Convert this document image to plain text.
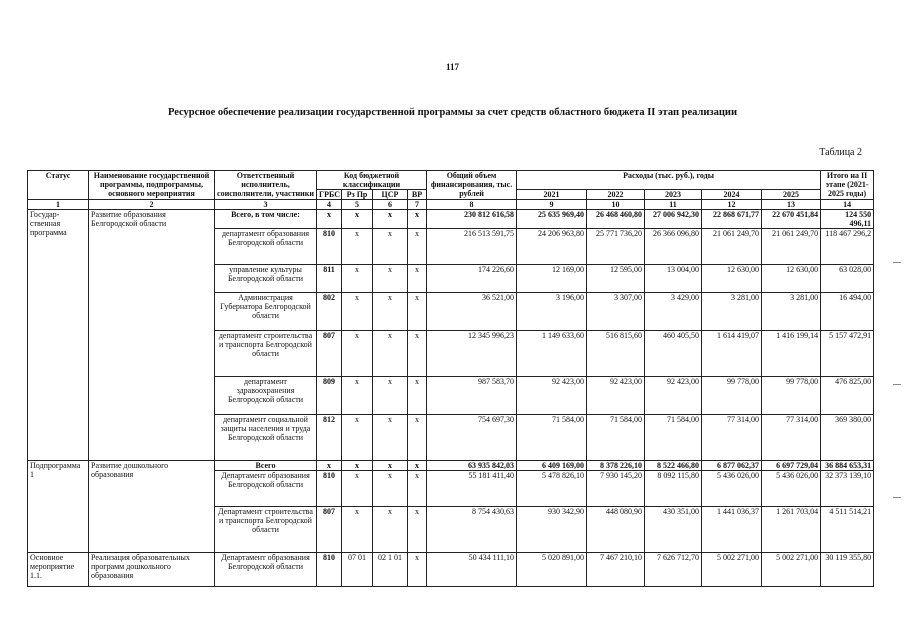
117
Ресурсное обеспечение реализации государственной программы за счет средств областного бюджета II этап реализации
Таблица 2
Статус	Наименование государственной программы, подпрограммы, основного мероприятия	Ответственный исполнитель, соисполнители, участники	Код бюджетной классификации				Общий объем финансирования, тыс. рублей	Расходы (тыс. руб.), годы					Итого на II этапе (2021-2025 годы)
			ГРБС	Рз Пр	ЦСР	ВР		2021	2022	2023	2024	2025	
1	2	3	4	5	6	7	8	9	10	11	12	13	14
Государ-ственная программа	Развитие образования Белгородской области	Всего, в том числе:	х	х	х	х	230 812 616,58	25 635 969,40	26 468 460,80	27 006 942,30	22 868 671,77	22 670 451,84	124 550 496,11
		департамент образования Белгородской области	810	х	х	х	216 513 591,75	24 206 963,80	25 771 736,20	26 366 096,80	21 061 249,70	21 061 249,70	118 467 296,2
		управление культуры Белгородской области	811	х	х	х	174 226,60	12 169,00	12 595,00	13 004,00	12 630,00	12 630,00	63 028,00
		Администрация Губернатора Белгородской области	802	х	х	х	36 521,00	3 196,00	3 307,00	3 429,00	3 281,00	3 281,00	16 494,00
		департамент строительства и транспорта Белгородской области	807	х	х	х	12 345 996,23	1 149 633,60	516 815,60	460 405,50	1 614 419,07	1 416 199,14	5 157 472,91
		департамент здравоохранения Белгородской области	809	х	х	х	987 583,70	92 423,00	92 423,00	92 423,00	99 778,00	99 778,00	476 825,00
		департамент социальной защиты населения и труда Белгородской области	812	х	х	х	754 697,30	71 584,00	71 584,00	71 584,00	77 314,00	77 314,00	369 380,00
Подпрограмма 1	Развитие дошкольного образования	Всего	х	х	х	х	63 935 842,03	6 409 169,00	8 378 226,10	8 522 466,80	6 877 062,37	6 697 729,04	36 884 653,31
		Департамент образования Белгородской области	810	х	х	х	55 181 411,40	5 478 826,10	7 930 145,20	8 092 115,80	5 436 026,00	5 436 026,00	32 373 139,10
		Департамент строительства и транспорта Белгородской области	807	х	х	х	8 754 430,63	930 342,90	448 080,90	430 351,00	1 441 036,37	1 261 703,04	4 511 514,21
Основное мероприятие 1.1.	Реализация образовательных программ дошкольного образования	Департамент образования Белгородской области	810	07 01	02 1 01	х	50 434 111,10	5 020 891,00	7 467 210,10	7 626 712,70	5 002 271,00	5 002 271,00	30 119 355,80
